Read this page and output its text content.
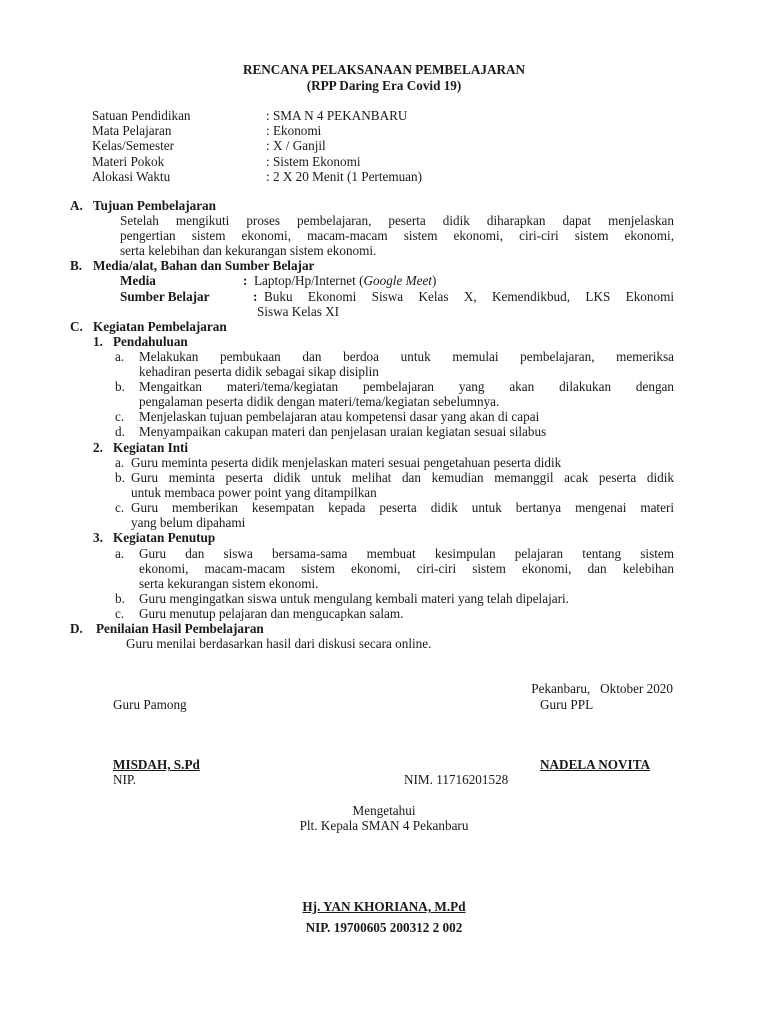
RENCANA PELAKSANAAN PEMBELAJARAN
(RPP Daring Era Covid 19)
Satuan Pendidikan	: SMA N 4 PEKANBARU
Mata Pelajaran	: Ekonomi
Kelas/Semester	: X / Ganjil
Materi Pokok	: Sistem Ekonomi
Alokasi Waktu	: 2 X 20 Menit (1 Pertemuan)
A. Tujuan Pembelajaran
Setelah mengikuti proses pembelajaran, peserta didik diharapkan dapat menjelaskan
pengertian sistem ekonomi, macam-macam sistem ekonomi, ciri-ciri sistem ekonomi,
serta kelebihan dan kekurangan sistem ekonomi.
B. Media/alat, Bahan dan Sumber Belajar
Media	: Laptop/Hp/Internet (Google Meet)
Sumber Belajar	: Buku Ekonomi Siswa Kelas X, Kemendikbud, LKS Ekonomi
Siswa Kelas XI
C. Kegiatan Pembelajaran
1. Pendahuluan
a. Melakukan pembukaan dan berdoa untuk memulai pembelajaran, memeriksa
kehadiran peserta didik sebagai sikap disiplin
b. Mengaitkan materi/tema/kegiatan pembelajaran yang akan dilakukan dengan
pengalaman peserta didik dengan materi/tema/kegiatan sebelumnya.
c. Menjelaskan tujuan pembelajaran atau kompetensi dasar yang akan di capai
d. Menyampaikan cakupan materi dan penjelasan uraian kegiatan sesuai silabus
2. Kegiatan Inti
a. Guru meminta peserta didik menjelaskan materi sesuai pengetahuan peserta didik
b. Guru meminta peserta didik untuk melihat dan kemudian memanggil acak peserta didik
untuk membaca power point yang ditampilkan
c. Guru memberikan kesempatan kepada peserta didik untuk bertanya mengenai materi
yang belum dipahami
3. Kegiatan Penutup
a. Guru dan siswa bersama-sama membuat kesimpulan pelajaran tentang sistem
ekonomi, macam-macam sistem ekonomi, ciri-ciri sistem ekonomi, dan kelebihan
serta kekurangan sistem ekonomi.
b. Guru mengingatkan siswa untuk mengulang kembali materi yang telah dipelajari.
c. Guru menutup pelajaran dan mengucapkan salam.
D. Penilaian Hasil Pembelajaran
Guru menilai berdasarkan hasil dari diskusi secara online.
Pekanbaru,   Oktober 2020
Guru Pamong	Guru PPL
MISDAH, S.Pd	NADELA NOVITA
NIP.	NIM. 11716201528
Mengetahui
Plt. Kepala SMAN 4 Pekanbaru
Hj. YAN KHORIANA, M.Pd
NIP. 19700605 200312 2 002
